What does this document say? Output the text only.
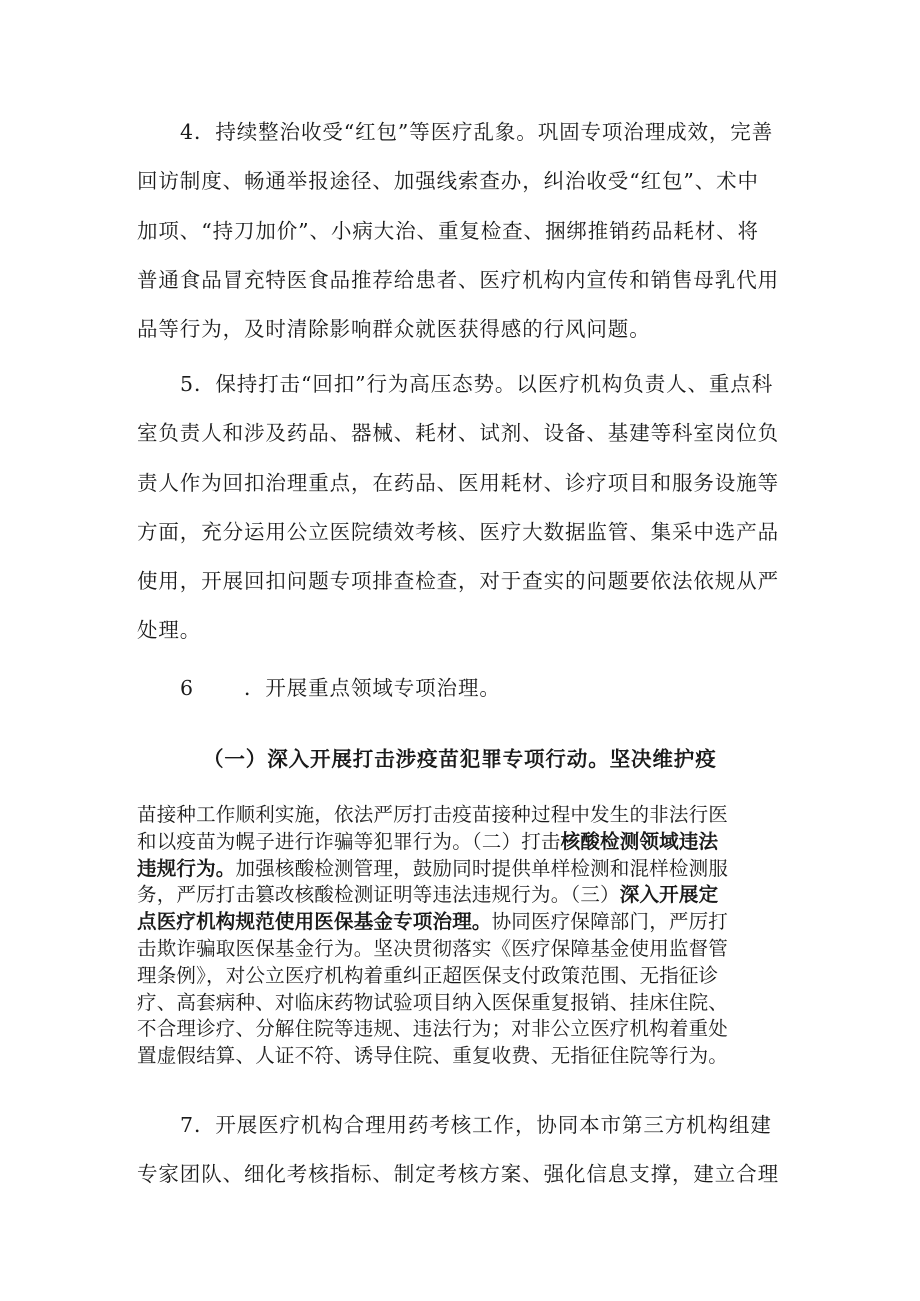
4．持续整治收受“红包”等医疗乱象。巩固专项治理成效，完善
回访制度、畅通举报途径、加强线索查办，纠治收受“红包”、术中
加项、“持刀加价”、小病大治、重复检查、捆绑推销药品耗材、将
普通食品冒充特医食品推荐给患者、医疗机构内宣传和销售母乳代用
品等行为，及时清除影响群众就医获得感的行风问题。
5．保持打击“回扣”行为高压态势。以医疗机构负责人、重点科
室负责人和涉及药品、器械、耗材、试剂、设备、基建等科室岗位负
责人作为回扣治理重点，在药品、医用耗材、诊疗项目和服务设施等
方面，充分运用公立医院绩效考核、医疗大数据监管、集采中选产品
使用，开展回扣问题专项排查检查，对于查实的问题要依法依规从严
处理。
6 ．开展重点领域专项治理。
（一）深入开展打击涉疫苗犯罪专项行动。坚决维护疫
苗接种工作顺利实施，依法严厉打击疫苗接种过程中发生的非法行医
和以疫苗为幌子进行诈骗等犯罪行为。（二）打击核酸检测领域违法
违规行为。加强核酸检测管理，鼓励同时提供单样检测和混样检测服
务，严厉打击篡改核酸检测证明等违法违规行为。（三）深入开展定
点医疗机构规范使用医保基金专项治理。协同医疗保障部门，严厉打
击欺诈骗取医保基金行为。坚决贯彻落实《医疗保障基金使用监督管
理条例》，对公立医疗机构着重纠正超医保支付政策范围、无指征诊
疗、高套病种、对临床药物试验项目纳入医保重复报销、挂床住院、
不合理诊疗、分解住院等违规、违法行为；对非公立医疗机构着重处
置虚假结算、人证不符、诱导住院、重复收费、无指征住院等行为。
7．开展医疗机构合理用药考核工作，协同本市第三方机构组建
专家团队、细化考核指标、制定考核方案、强化信息支撑，建立合理
